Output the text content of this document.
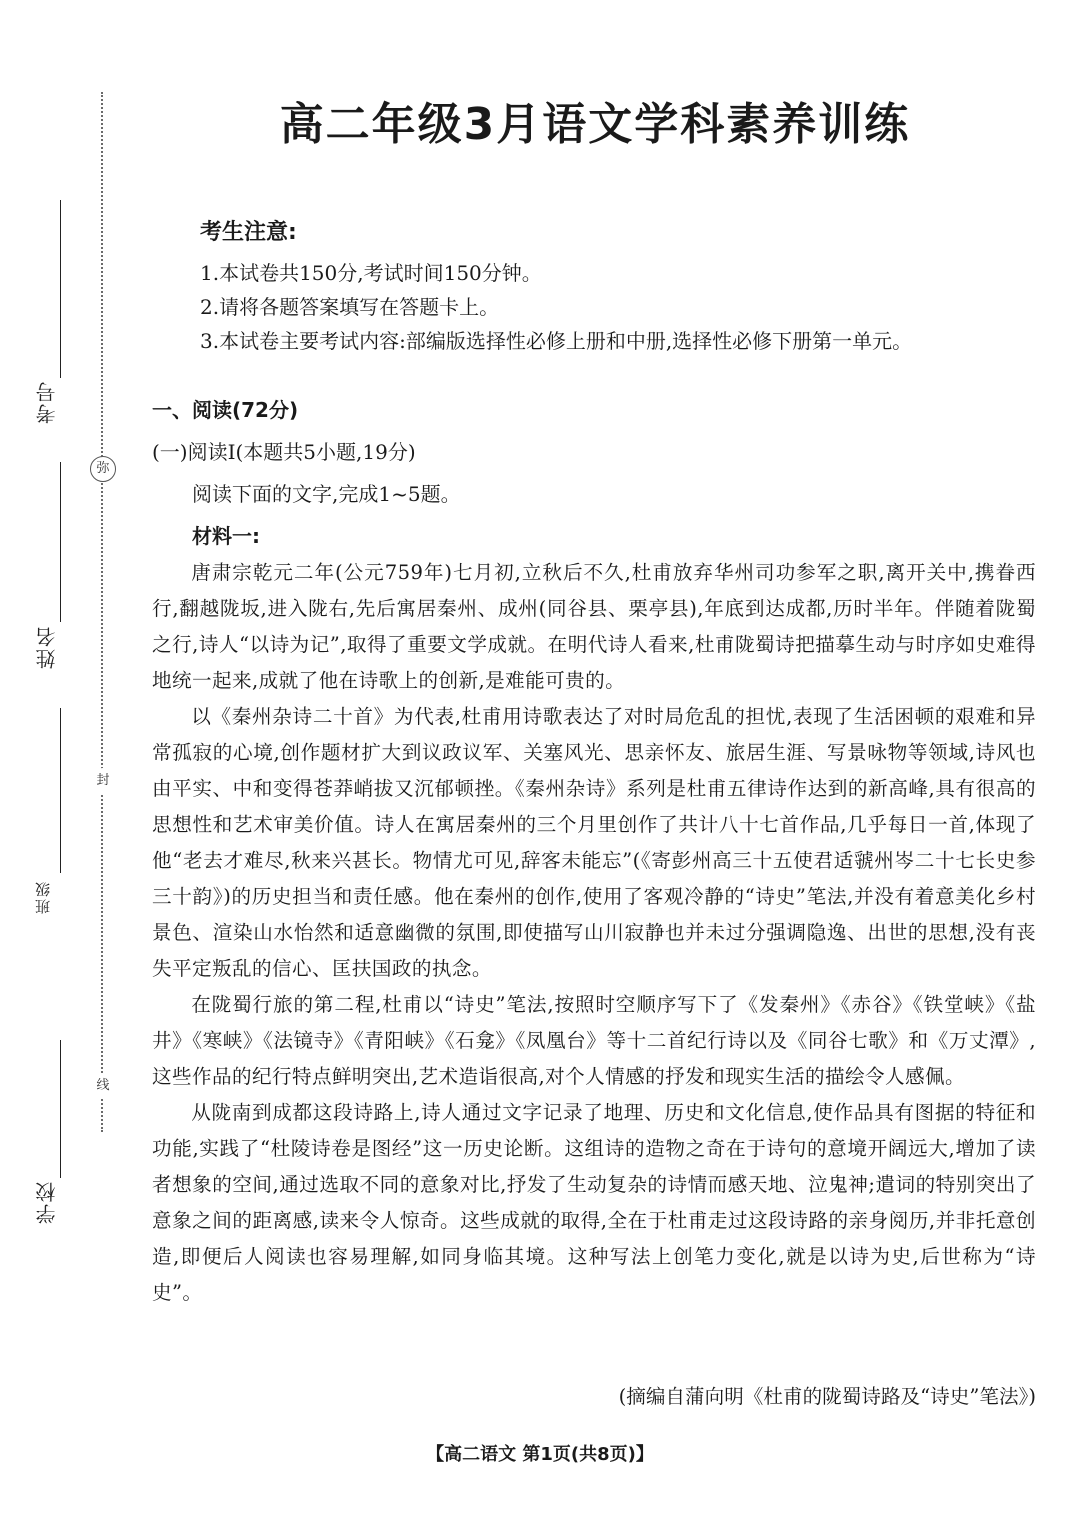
弥
封
线
考号
姓名
班级
学校
高二年级3月语文学科素养训练
考生注意:
1.本试卷共150分,考试时间150分钟。
2.请将各题答案填写在答题卡上。
3.本试卷主要考试内容:部编版选择性必修上册和中册,选择性必修下册第一单元。
一、阅读(72分)
(一)阅读Ⅰ(本题共5小题,19分)
阅读下面的文字,完成1~5题。
材料一:

唐肃宗乾元二年(公元759年)七月初,立秋后不久,杜甫放弃华州司功参军之职,离开关中,携眷西行,翻越陇坂,进入陇右,先后寓居秦州、成州(同谷县、栗亭县),年底到达成都,历时半年。伴随着陇蜀之行,诗人“以诗为记”,取得了重要文学成就。在明代诗人看来,杜甫陇蜀诗把描摹生动与时序如史难得地统一起来,成就了他在诗歌上的创新,是难能可贵的。

以《秦州杂诗二十首》为代表,杜甫用诗歌表达了对时局危乱的担忧,表现了生活困顿的艰难和异常孤寂的心境,创作题材扩大到议政议军、关塞风光、思亲怀友、旅居生涯、写景咏物等领域,诗风也由平实、中和变得苍莽峭拔又沉郁顿挫。《秦州杂诗》系列是杜甫五律诗作达到的新高峰,具有很高的思想性和艺术审美价值。诗人在寓居秦州的三个月里创作了共计八十七首作品,几乎每日一首,体现了他“老去才难尽,秋来兴甚长。物情尤可见,辞客未能忘”(《寄彭州高三十五使君适虢州岑二十七长史参三十韵》)的历史担当和责任感。他在秦州的创作,使用了客观冷静的“诗史”笔法,并没有着意美化乡村景色、渲染山水怡然和适意幽微的氛围,即使描写山川寂静也并未过分强调隐逸、出世的思想,没有丧失平定叛乱的信心、匡扶国政的执念。

在陇蜀行旅的第二程,杜甫以“诗史”笔法,按照时空顺序写下了《发秦州》《赤谷》《铁堂峡》《盐井》《寒峡》《法镜寺》《青阳峡》《石龛》《凤凰台》等十二首纪行诗以及《同谷七歌》和《万丈潭》,这些作品的纪行特点鲜明突出,艺术造诣很高,对个人情感的抒发和现实生活的描绘令人感佩。

从陇南到成都这段诗路上,诗人通过文字记录了地理、历史和文化信息,使作品具有图据的特征和功能,实践了“杜陵诗卷是图经”这一历史论断。这组诗的造物之奇在于诗句的意境开阔远大,增加了读者想象的空间,通过选取不同的意象对比,抒发了生动复杂的诗情而感天地、泣鬼神;遣词的特别突出了意象之间的距离感,读来令人惊奇。这些成就的取得,全在于杜甫走过这段诗路的亲身阅历,并非托意创造,即便后人阅读也容易理解,如同身临其境。这种写法上创笔力变化,就是以诗为史,后世称为“诗史”。

(摘编自蒲向明《杜甫的陇蜀诗路及“诗史”笔法》)
【高二语文 第1页(共8页)】
